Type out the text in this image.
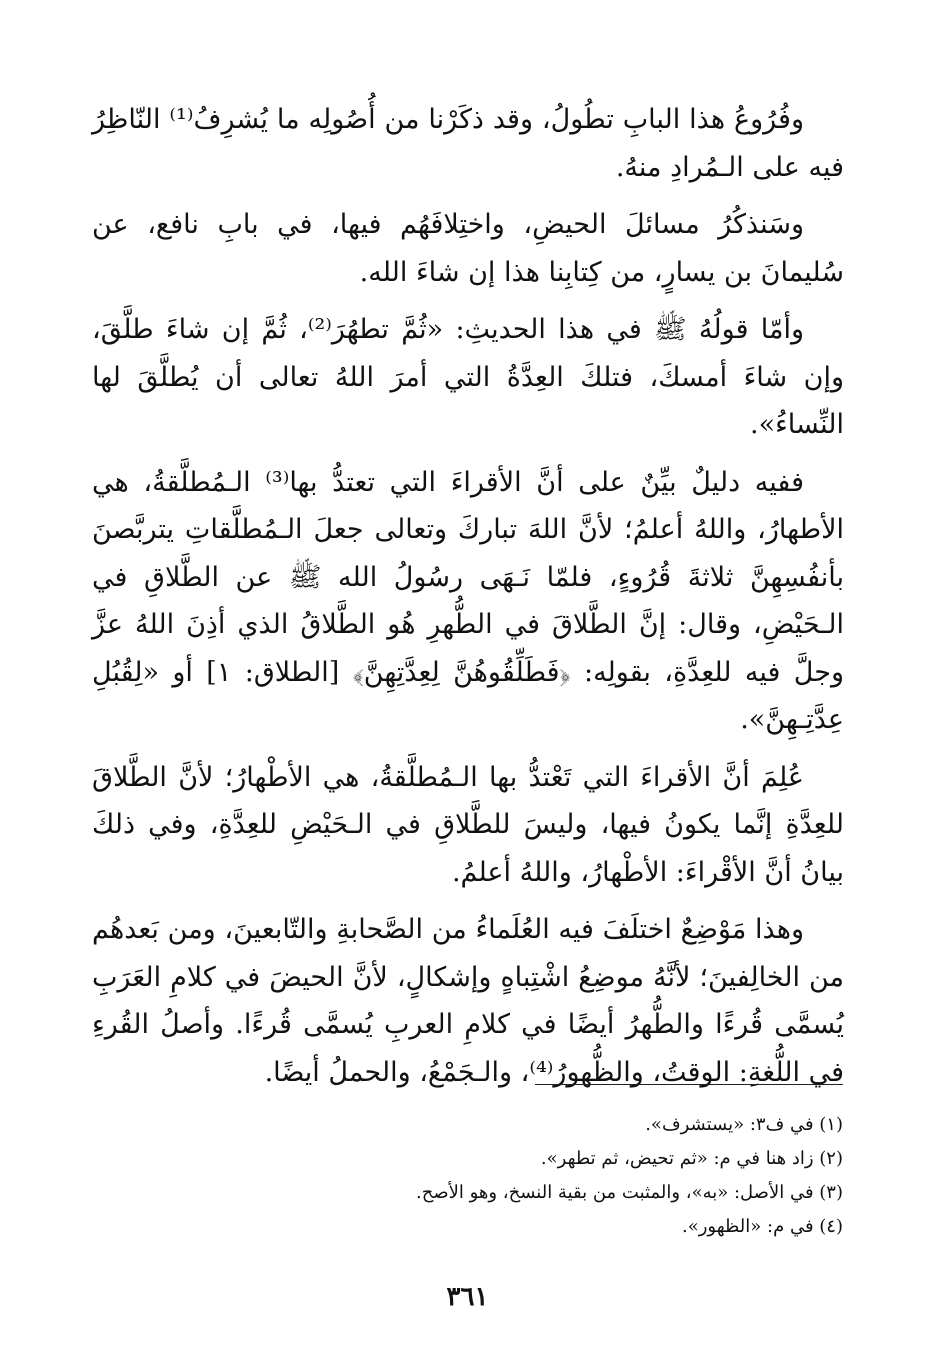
وفُرُوعُ هذا البابِ تطُولُ، وقد ذكَرْنا من أُصُولِه ما يُشرِفُ⁽¹⁾ النّاظِرُ فيه على الـمُرادِ منهُ.

وسَنذكُرُ مسائلَ الحيضِ، واختِلافَهُم فيها، في بابِ نافع، عن سُليمانَ بن يسارٍ، من كِتابِنا هذا إن شاءَ الله.

وأمّا قولُهُ ﷺ في هذا الحديثِ: «ثُمَّ تطهُرَ⁽²⁾، ثُمَّ إن شاءَ طلَّقَ، وإن شاءَ أمسكَ، فتلكَ العِدَّةُ التي أمرَ اللهُ تعالى أن يُطلَّقَ لها النِّساءُ».

ففيه دليلٌ بيِّنٌ على أنَّ الأقراءَ التي تعتدُّ بها⁽³⁾ الـمُطلَّقةُ، هي الأطهارُ، واللهُ أعلمُ؛ لأنَّ اللهَ تباركَ وتعالى جعلَ الـمُطلَّقاتِ يتربَّصنَ بأنفُسِهِنَّ ثلاثةَ قُرُوءٍ، فلمّا نَـهَى رسُولُ الله ﷺ عن الطَّلاقِ في الـحَيْضِ، وقال: إنَّ الطَّلاقَ في الطُّهرِ هُو الطَّلاقُ الذي أذِنَ اللهُ عزَّ وجلَّ فيه للعِدَّةِ، بقولِه: ﴿فَطَلِّقُوهُنَّ لِعِدَّتِهِنَّ﴾ [الطلاق: ١] أو «لِقُبُلِ عِدَّتِـهِنَّ».

عُلِمَ أنَّ الأقراءَ التي تَعْتدُّ بها الـمُطلَّقةُ، هي الأطْهارُ؛ لأنَّ الطَّلاقَ للعِدَّةِ إنَّما يكونُ فيها، وليسَ للطَّلاقِ في الـحَيْضِ للعِدَّةِ، وفي ذلكَ بيانُ أنَّ الأقْراءَ: الأطْهارُ، واللهُ أعلمُ.

وهذا مَوْضِعٌ اختلَفَ فيه العُلَماءُ من الصَّحابةِ والتّابعينَ، ومن بَعدهُم من الخالِفينَ؛ لأنَّهُ موضِعُ اشْتِباهٍ وإشكالٍ، لأنَّ الحيضَ في كلامِ العَرَبِ يُسمَّى قُرءًا والطُّهرُ أيضًا في كلامِ العربِ يُسمَّى قُرءًا. وأصلُ القُرءِ في اللُّغةِ: الوقتُ، والظُّهورُ⁽⁴⁾، والـجَمْعُ، والحملُ أيضًا.

(١) في ف٣: «يستشرف».
(٢) زاد هنا في م: «ثم تحيض، ثم تطهر».
(٣) في الأصل: «به»، والمثبت من بقية النسخ، وهو الأصح.
(٤) في م: «الظهور».
٣٦١
